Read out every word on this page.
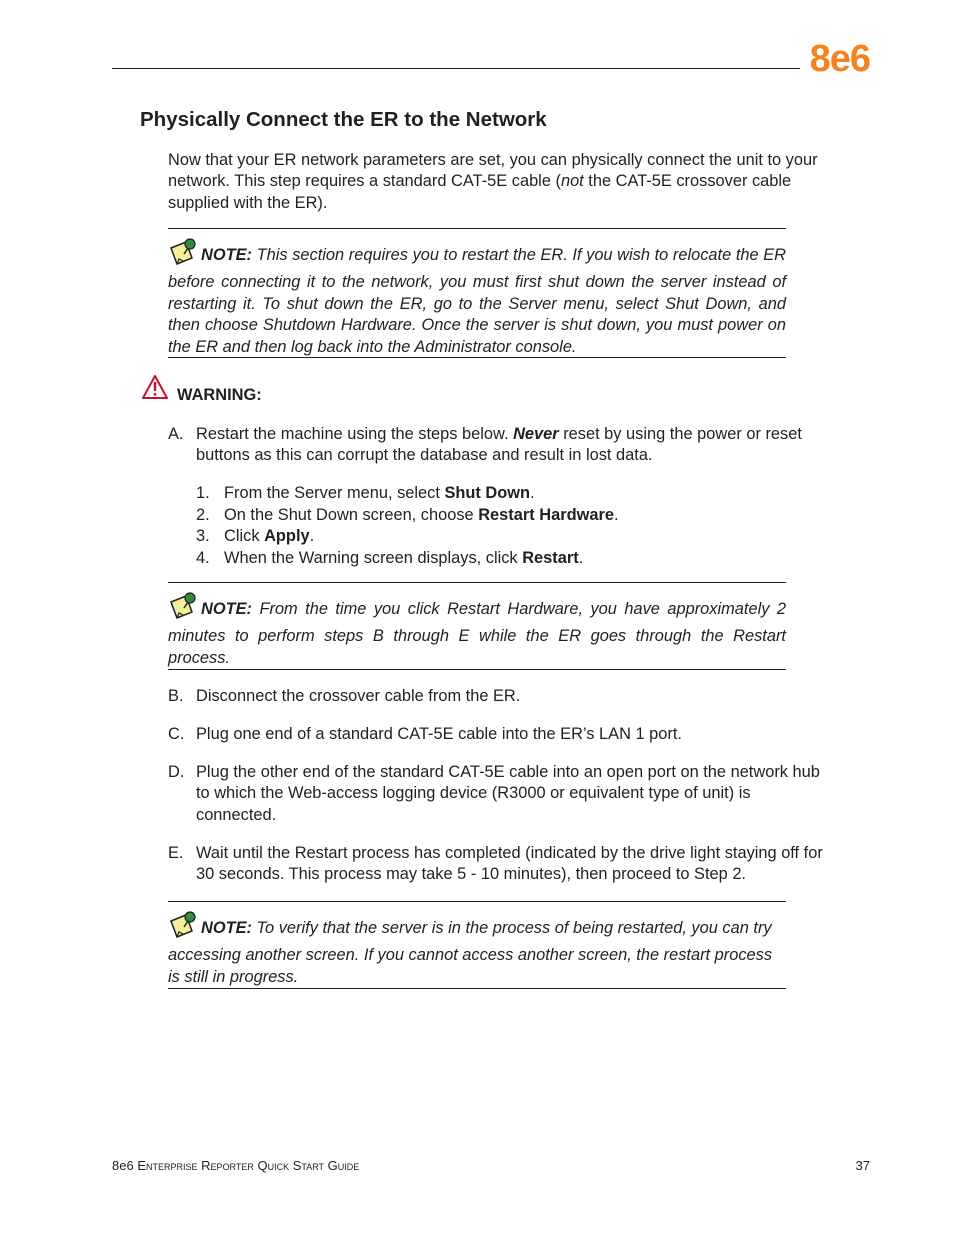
8e6
Physically Connect the ER to the Network

Now that your ER network parameters are set, you can physically connect the unit to your network. This step requires a standard CAT-5E cable (not the CAT-5E crossover cable supplied with the ER).

NOTE: This section requires you to restart the ER. If you wish to relocate the ER before connecting it to the network, you must first shut down the server instead of restarting it. To shut down the ER, go to the Server menu, select Shut Down, and then choose Shutdown Hardware. Once the server is shut down, you must power on the ER and then log back into the Administrator console.

WARNING:
A. Restart the machine using the steps below. Never reset by using the power or reset buttons as this can corrupt the database and result in lost data.
1. From the Server menu, select Shut Down.
2. On the Shut Down screen, choose Restart Hardware.
3. Click Apply.
4. When the Warning screen displays, click Restart.

NOTE: From the time you click Restart Hardware, you have approximately 2 minutes to perform steps B through E while the ER goes through the Restart process.

B. Disconnect the crossover cable from the ER.
C. Plug one end of a standard CAT-5E cable into the ER’s LAN 1 port.
D. Plug the other end of the standard CAT-5E cable into an open port on the network hub to which the Web-access logging device (R3000 or equivalent type of unit) is connected.
E. Wait until the Restart process has completed (indicated by the drive light staying off for 30 seconds. This process may take 5 - 10 minutes), then proceed to Step 2.

NOTE: To verify that the server is in the process of being restarted, you can try accessing another screen. If you cannot access another screen, the restart process is still in progress.

8e6 Enterprise Reporter Quick Start Guide	37
